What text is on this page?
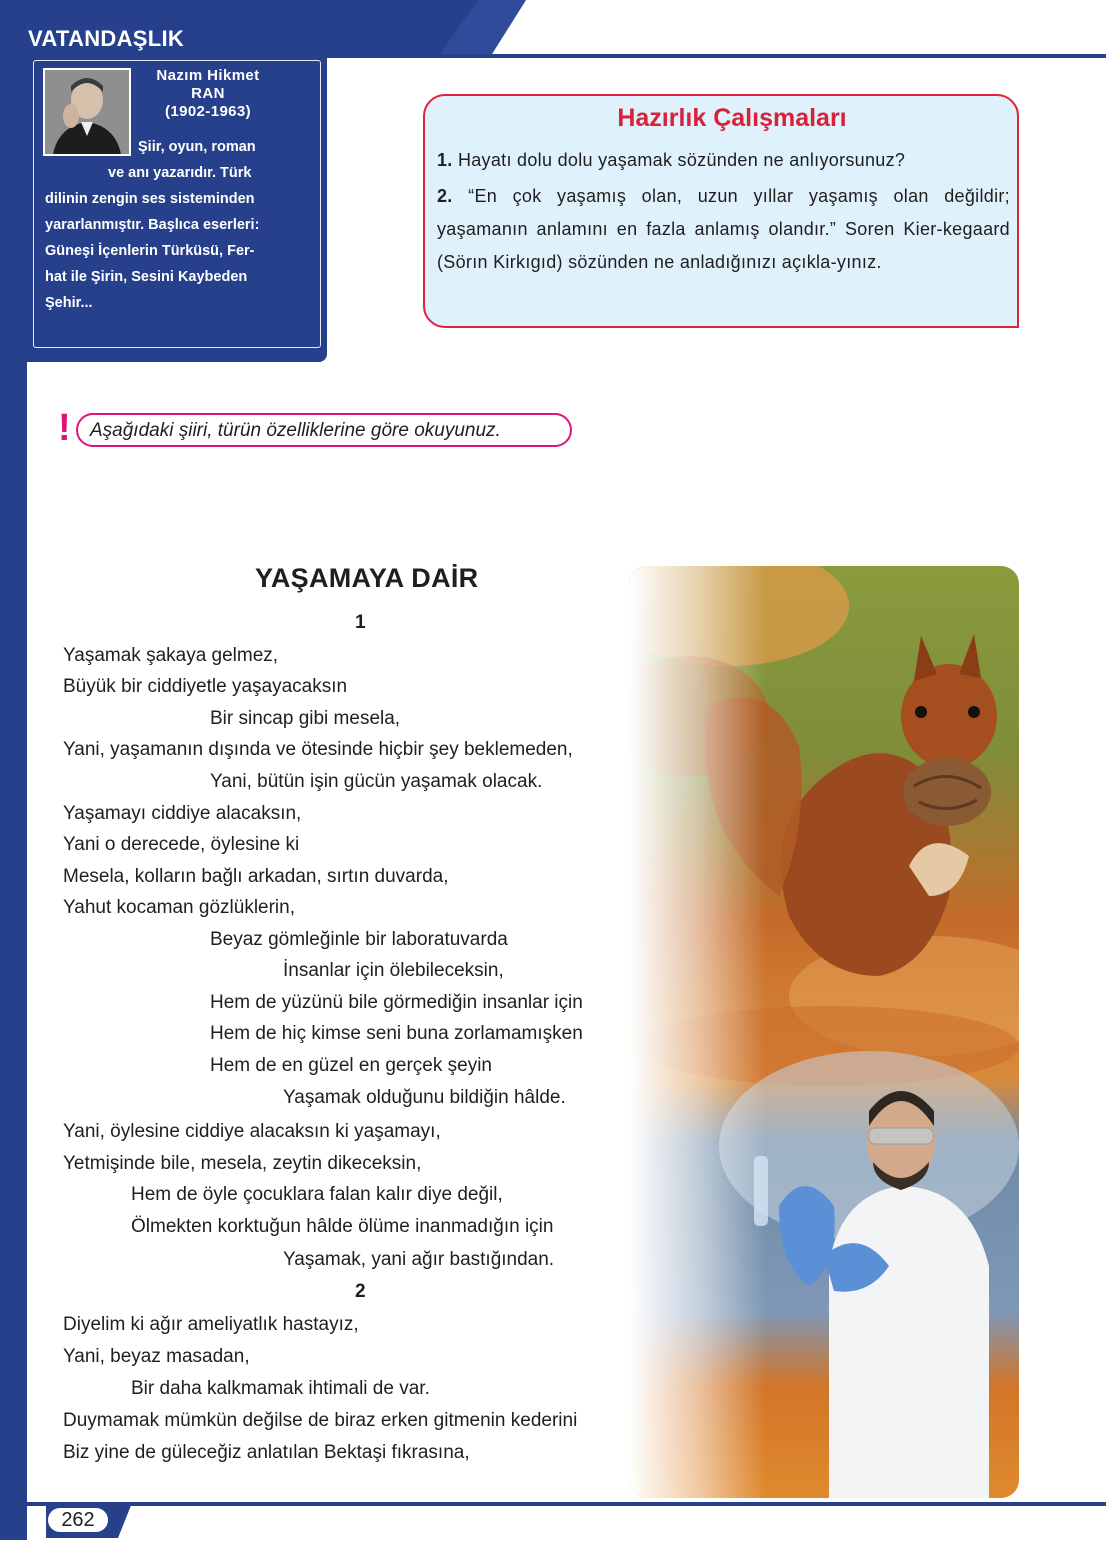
VATANDAŞLIK
Nazım Hikmet
RAN
(1902-1963)
Şiir, oyun, roman
ve anı yazarıdır. Türk
dilinin zengin ses sisteminden
yararlanmıştır. Başlıca eserleri:
Güneşi İçenlerin Türküsü, Fer-
hat ile Şirin, Sesini Kaybeden
Şehir...
Hazırlık Çalışmaları
1. Hayatı dolu dolu yaşamak sözünden ne anlıyorsunuz?
2. “En çok yaşamış olan, uzun yıllar yaşamış olan değildir; yaşamanın anlamını en fazla anlamış olandır.” Soren Kier-kegaard (Sörın Kirkıgıd) sözünden ne anladığınızı açıkla-yınız.
! Aşağıdaki şiiri, türün özelliklerine göre okuyunuz.
YAŞAMAYA DAİR
1
Yaşamak şakaya gelmez,
Büyük bir ciddiyetle yaşayacaksın
Bir sincap gibi mesela,
Yani, yaşamanın dışında ve ötesinde hiçbir şey beklemeden,
Yani, bütün işin gücün yaşamak olacak.
Yaşamayı ciddiye alacaksın,
Yani o derecede, öylesine ki
Mesela, kolların bağlı arkadan, sırtın duvarda,
Yahut kocaman gözlüklerin,
Beyaz gömleğinle bir laboratuvarda
İnsanlar için ölebileceksin,
Hem de yüzünü bile görmediğin insanlar için
Hem de hiç kimse seni buna zorlamamışken
Hem de en güzel en gerçek şeyin
Yaşamak olduğunu bildiğin hâlde.
Yani, öylesine ciddiye alacaksın ki yaşamayı,
Yetmişinde bile, mesela, zeytin dikeceksin,
Hem de öyle çocuklara falan kalır diye değil,
Ölmekten korktuğun hâlde ölüme inanmadığın için
Yaşamak, yani ağır bastığından.
2
Diyelim ki ağır ameliyatlık hastayız,
Yani, beyaz masadan,
Bir daha kalkmamak ihtimali de var.
Duymamak mümkün değilse de biraz erken gitmenin kederini
Biz yine de güleceğiz anlatılan Bektaşi fıkrasına,
262
